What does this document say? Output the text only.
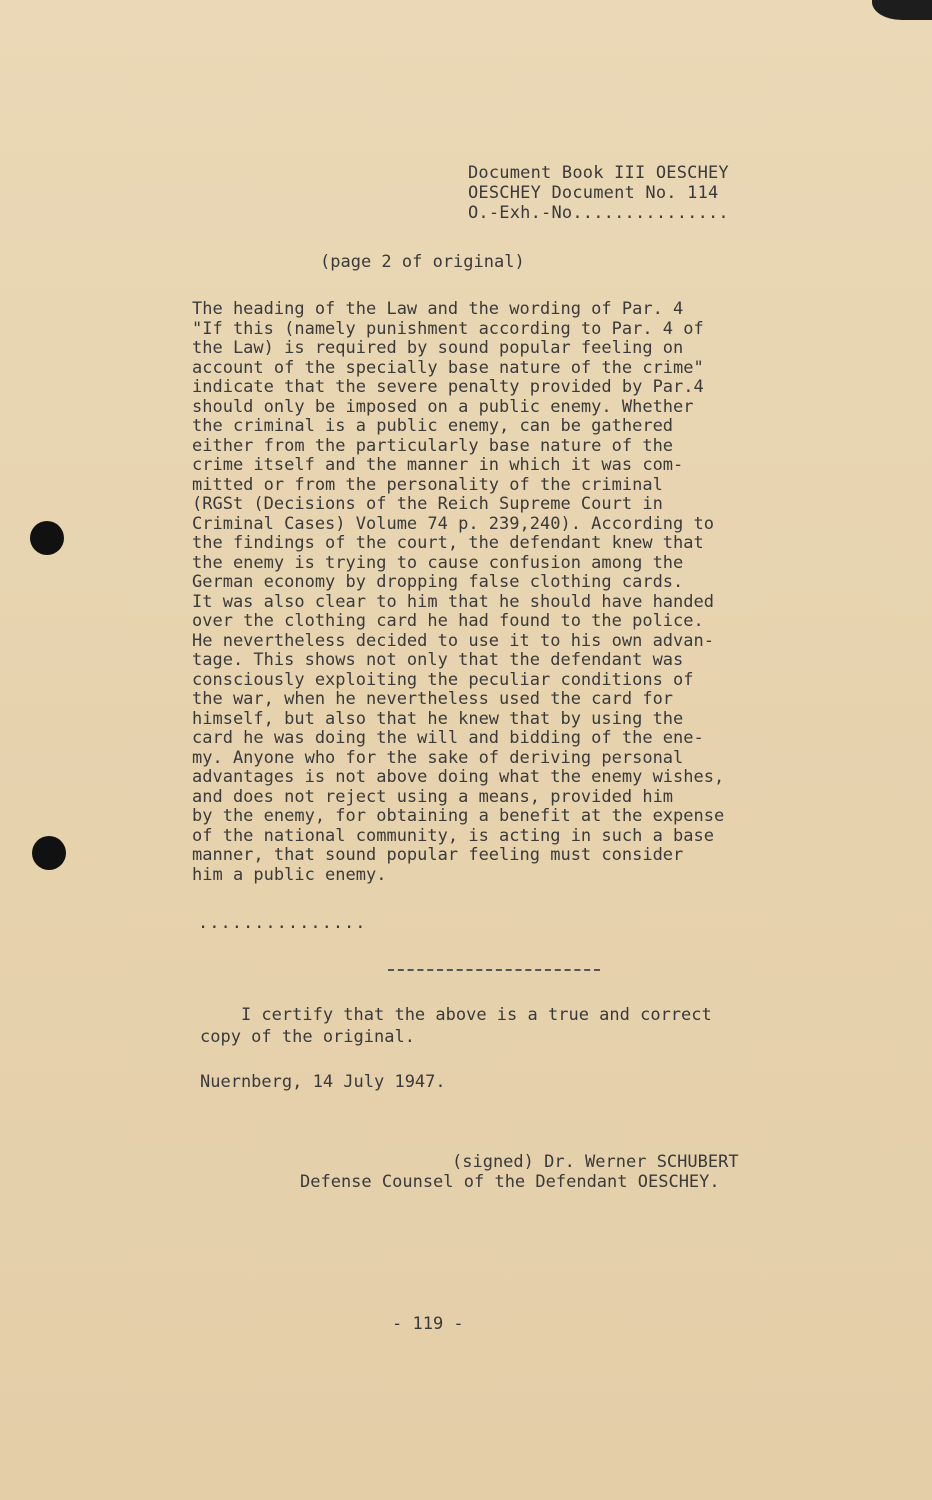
Document Book III OESCHEY
OESCHEY Document No. 114
O.-Exh.-No...............
(page 2 of original)
The heading of the Law and the wording of Par. 4
"If this (namely punishment according to Par. 4 of
the Law) is required by sound popular feeling on
account of the specially base nature of the crime"
indicate that the severe penalty provided by Par.4
should only be imposed on a public enemy. Whether
the criminal is a public enemy, can be gathered
either from the particularly base nature of the
crime itself and the manner in which it was com-
mitted or from the personality of the criminal
(RGSt (Decisions of the Reich Supreme Court in
Criminal Cases) Volume 74 p. 239,240). According to
the findings of the court, the defendant knew that
the enemy is trying to cause confusion among the
German economy by dropping false clothing cards.
It was also clear to him that he should have handed
over the clothing card he had found to the police.
He nevertheless decided to use it to his own advan-
tage. This shows not only that the defendant was
consciously exploiting the peculiar conditions of
the war, when he nevertheless used the card for
himself, but also that he knew that by using the
card he was doing the will and bidding of the ene-
my. Anyone who for the sake of deriving personal
advantages is not above doing what the enemy wishes,
and does not reject using a means, provided him
by the enemy, for obtaining a benefit at the expense
of the national community, is acting in such a base
manner, that sound popular feeling must consider
him a public enemy.
...............
I certify that the above is a true and correct
copy of the original.
Nuernberg, 14 July 1947.
(signed) Dr. Werner SCHUBERT
Defense Counsel of the Defendant OESCHEY.
- 119 -
